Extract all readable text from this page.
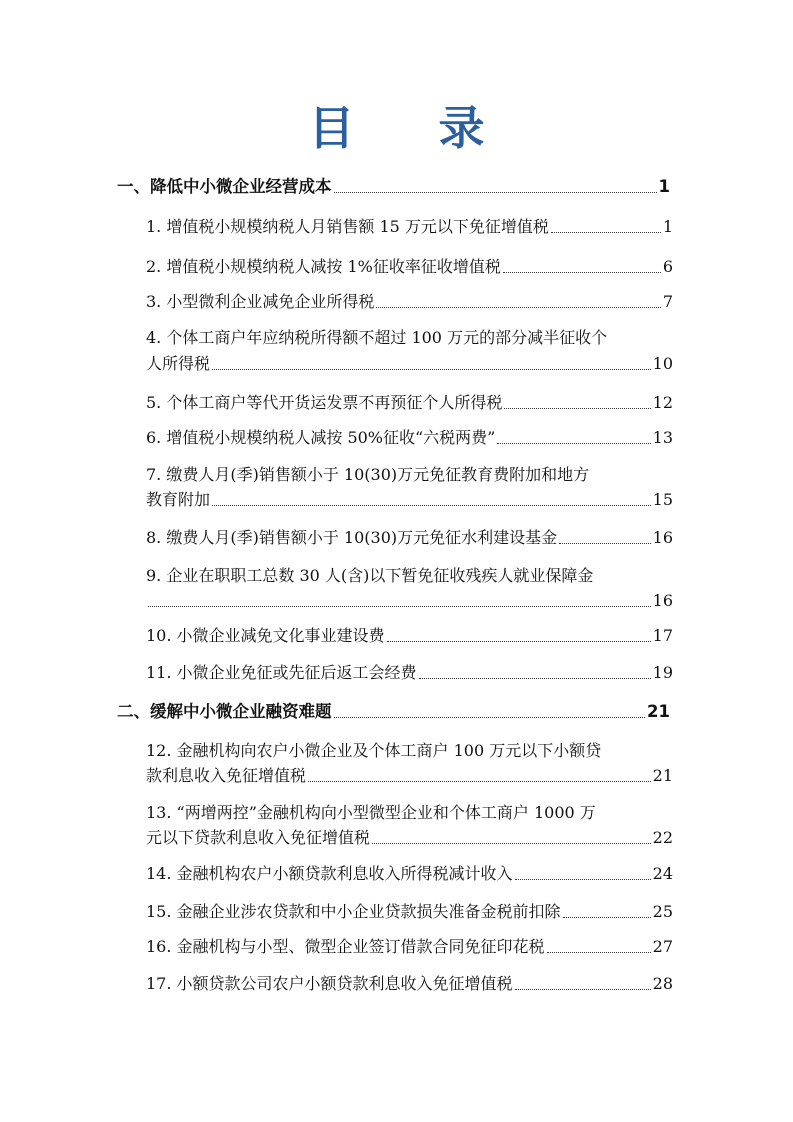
目 录
一、降低中小微企业经营成本	1
1. 增值税小规模纳税人月销售额 15 万元以下免征增值税	1
2. 增值税小规模纳税人减按 1%征收率征收增值税	6
3. 小型微利企业减免企业所得税	7
4. 个体工商户年应纳税所得额不超过 100 万元的部分减半征收个
人所得税	10
5. 个体工商户等代开货运发票不再预征个人所得税	12
6. 增值税小规模纳税人减按 50%征收“六税两费”	13
7. 缴费人月(季)销售额小于 10(30)万元免征教育费附加和地方
教育附加	15
8. 缴费人月(季)销售额小于 10(30)万元免征水利建设基金	16
9. 企业在职职工总数 30 人(含)以下暂免征收残疾人就业保障金
16
10. 小微企业减免文化事业建设费	17
11. 小微企业免征或先征后返工会经费	19
二、缓解中小微企业融资难题	21
12. 金融机构向农户小微企业及个体工商户 100 万元以下小额贷
款利息收入免征增值税	21
13. “两增两控”金融机构向小型微型企业和个体工商户 1000 万
元以下贷款利息收入免征增值税	22
14. 金融机构农户小额贷款利息收入所得税减计收入	24
15. 金融企业涉农贷款和中小企业贷款损失准备金税前扣除	25
16. 金融机构与小型、微型企业签订借款合同免征印花税	27
17. 小额贷款公司农户小额贷款利息收入免征增值税	28
